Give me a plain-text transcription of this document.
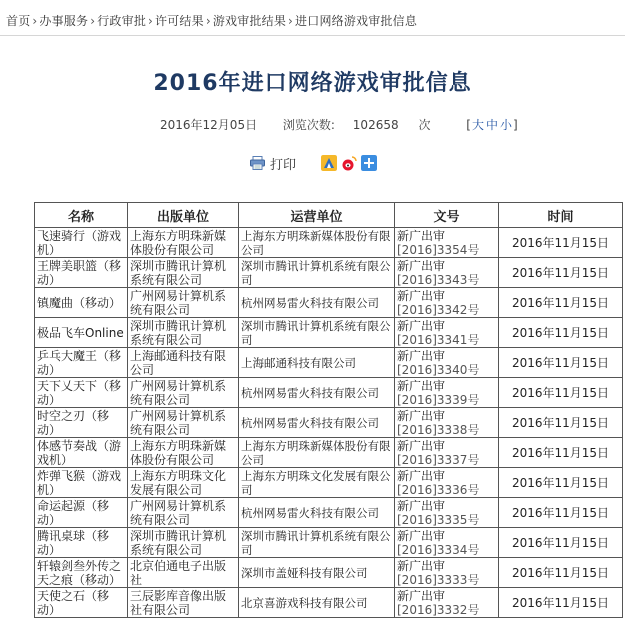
首页 › 办事服务 › 行政审批 › 许可结果 › 游戏审批结果 › 进口网络游戏审批信息
2016年进口网络游戏审批信息
2016年12月05日 浏览次数: 102658 次	[大 中 小]
打印
名称	出版单位	运营单位	文号	时间
飞速骑行（游戏机）	上海东方明珠新媒体股份有限公司	上海东方明珠新媒体股份有限公司	新广出审
[2016]3354号	2016年11月15日
王牌美职篮（移动）	深圳市腾讯计算机系统有限公司	深圳市腾讯计算机系统有限公司	新广出审
[2016]3343号	2016年11月15日
镇魔曲（移动）	广州网易计算机系统有限公司	杭州网易雷火科技有限公司	新广出审
[2016]3342号	2016年11月15日
极品飞车Online	深圳市腾讯计算机系统有限公司	深圳市腾讯计算机系统有限公司	新广出审
[2016]3341号	2016年11月15日
乒乓大魔王（移动）	上海邮通科技有限公司	上海邮通科技有限公司	新广出审
[2016]3340号	2016年11月15日
天下乂天下（移动）	广州网易计算机系统有限公司	杭州网易雷火科技有限公司	新广出审
[2016]3339号	2016年11月15日
时空之刃（移动）	广州网易计算机系统有限公司	杭州网易雷火科技有限公司	新广出审
[2016]3338号	2016年11月15日
体感节奏战（游戏机）	上海东方明珠新媒体股份有限公司	上海东方明珠新媒体股份有限公司	新广出审
[2016]3337号	2016年11月15日
炸弹飞猴（游戏机）	上海东方明珠文化发展有限公司	上海东方明珠文化发展有限公司	新广出审
[2016]3336号	2016年11月15日
命运起源（移动）	广州网易计算机系统有限公司	杭州网易雷火科技有限公司	新广出审
[2016]3335号	2016年11月15日
腾讯桌球（移动）	深圳市腾讯计算机系统有限公司	深圳市腾讯计算机系统有限公司	新广出审
[2016]3334号	2016年11月15日
轩辕剑叁外传之天之痕（移动）	北京伯通电子出版社	深圳市盖娅科技有限公司	新广出审
[2016]3333号	2016年11月15日
天使之石（移动）	三辰影库音像出版社有限公司	北京喜游戏科技有限公司	新广出审
[2016]3332号	2016年11月15日
